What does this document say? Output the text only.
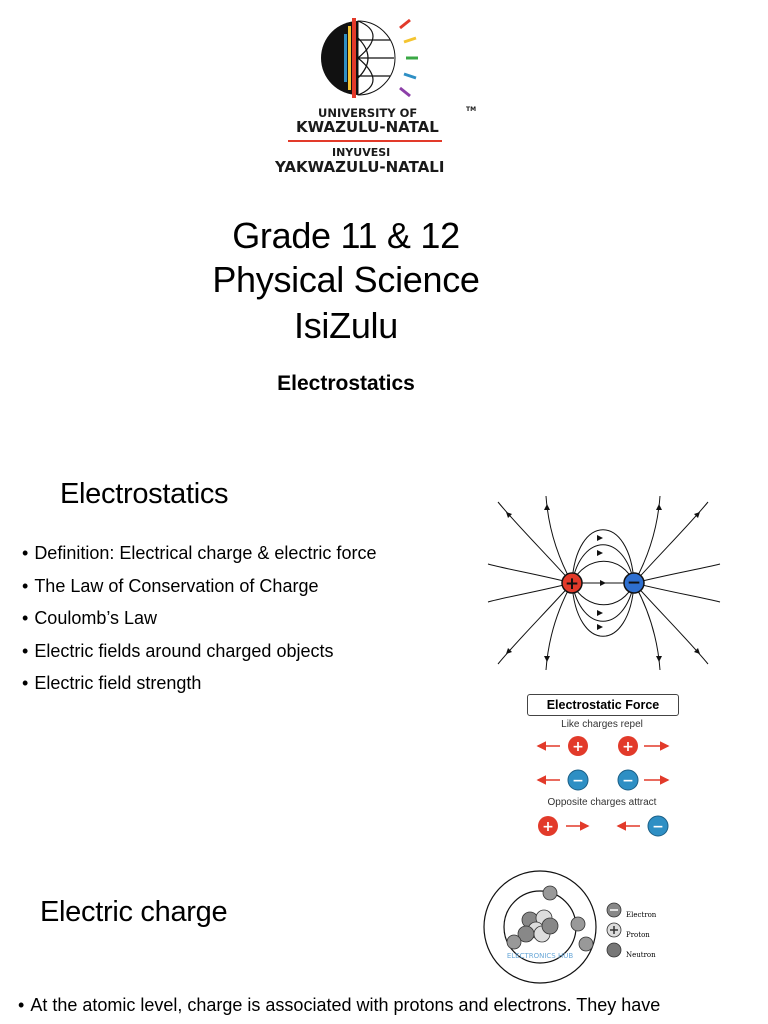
UNIVERSITY OF
KWAZULU-NATAL
TM
INYUVESI
YAKWAZULU-NATALI
Grade 11 & 12
Physical Science
IsiZulu
Electrostatics
Electrostatics
• Definition: Electrical charge & electric force
• The Law of Conservation of Charge
• Coulomb’s Law
• Electric fields around charged objects
• Electric field strength
+	−
Electrostatic Force
Like charges repel
Opposite charges attract
+	+
−	−
+	−
Electric charge
ELECTRONICS HUB
Electron
Proton
Neutron
• At the atomic level, charge is associated with protons and electrons. They have
